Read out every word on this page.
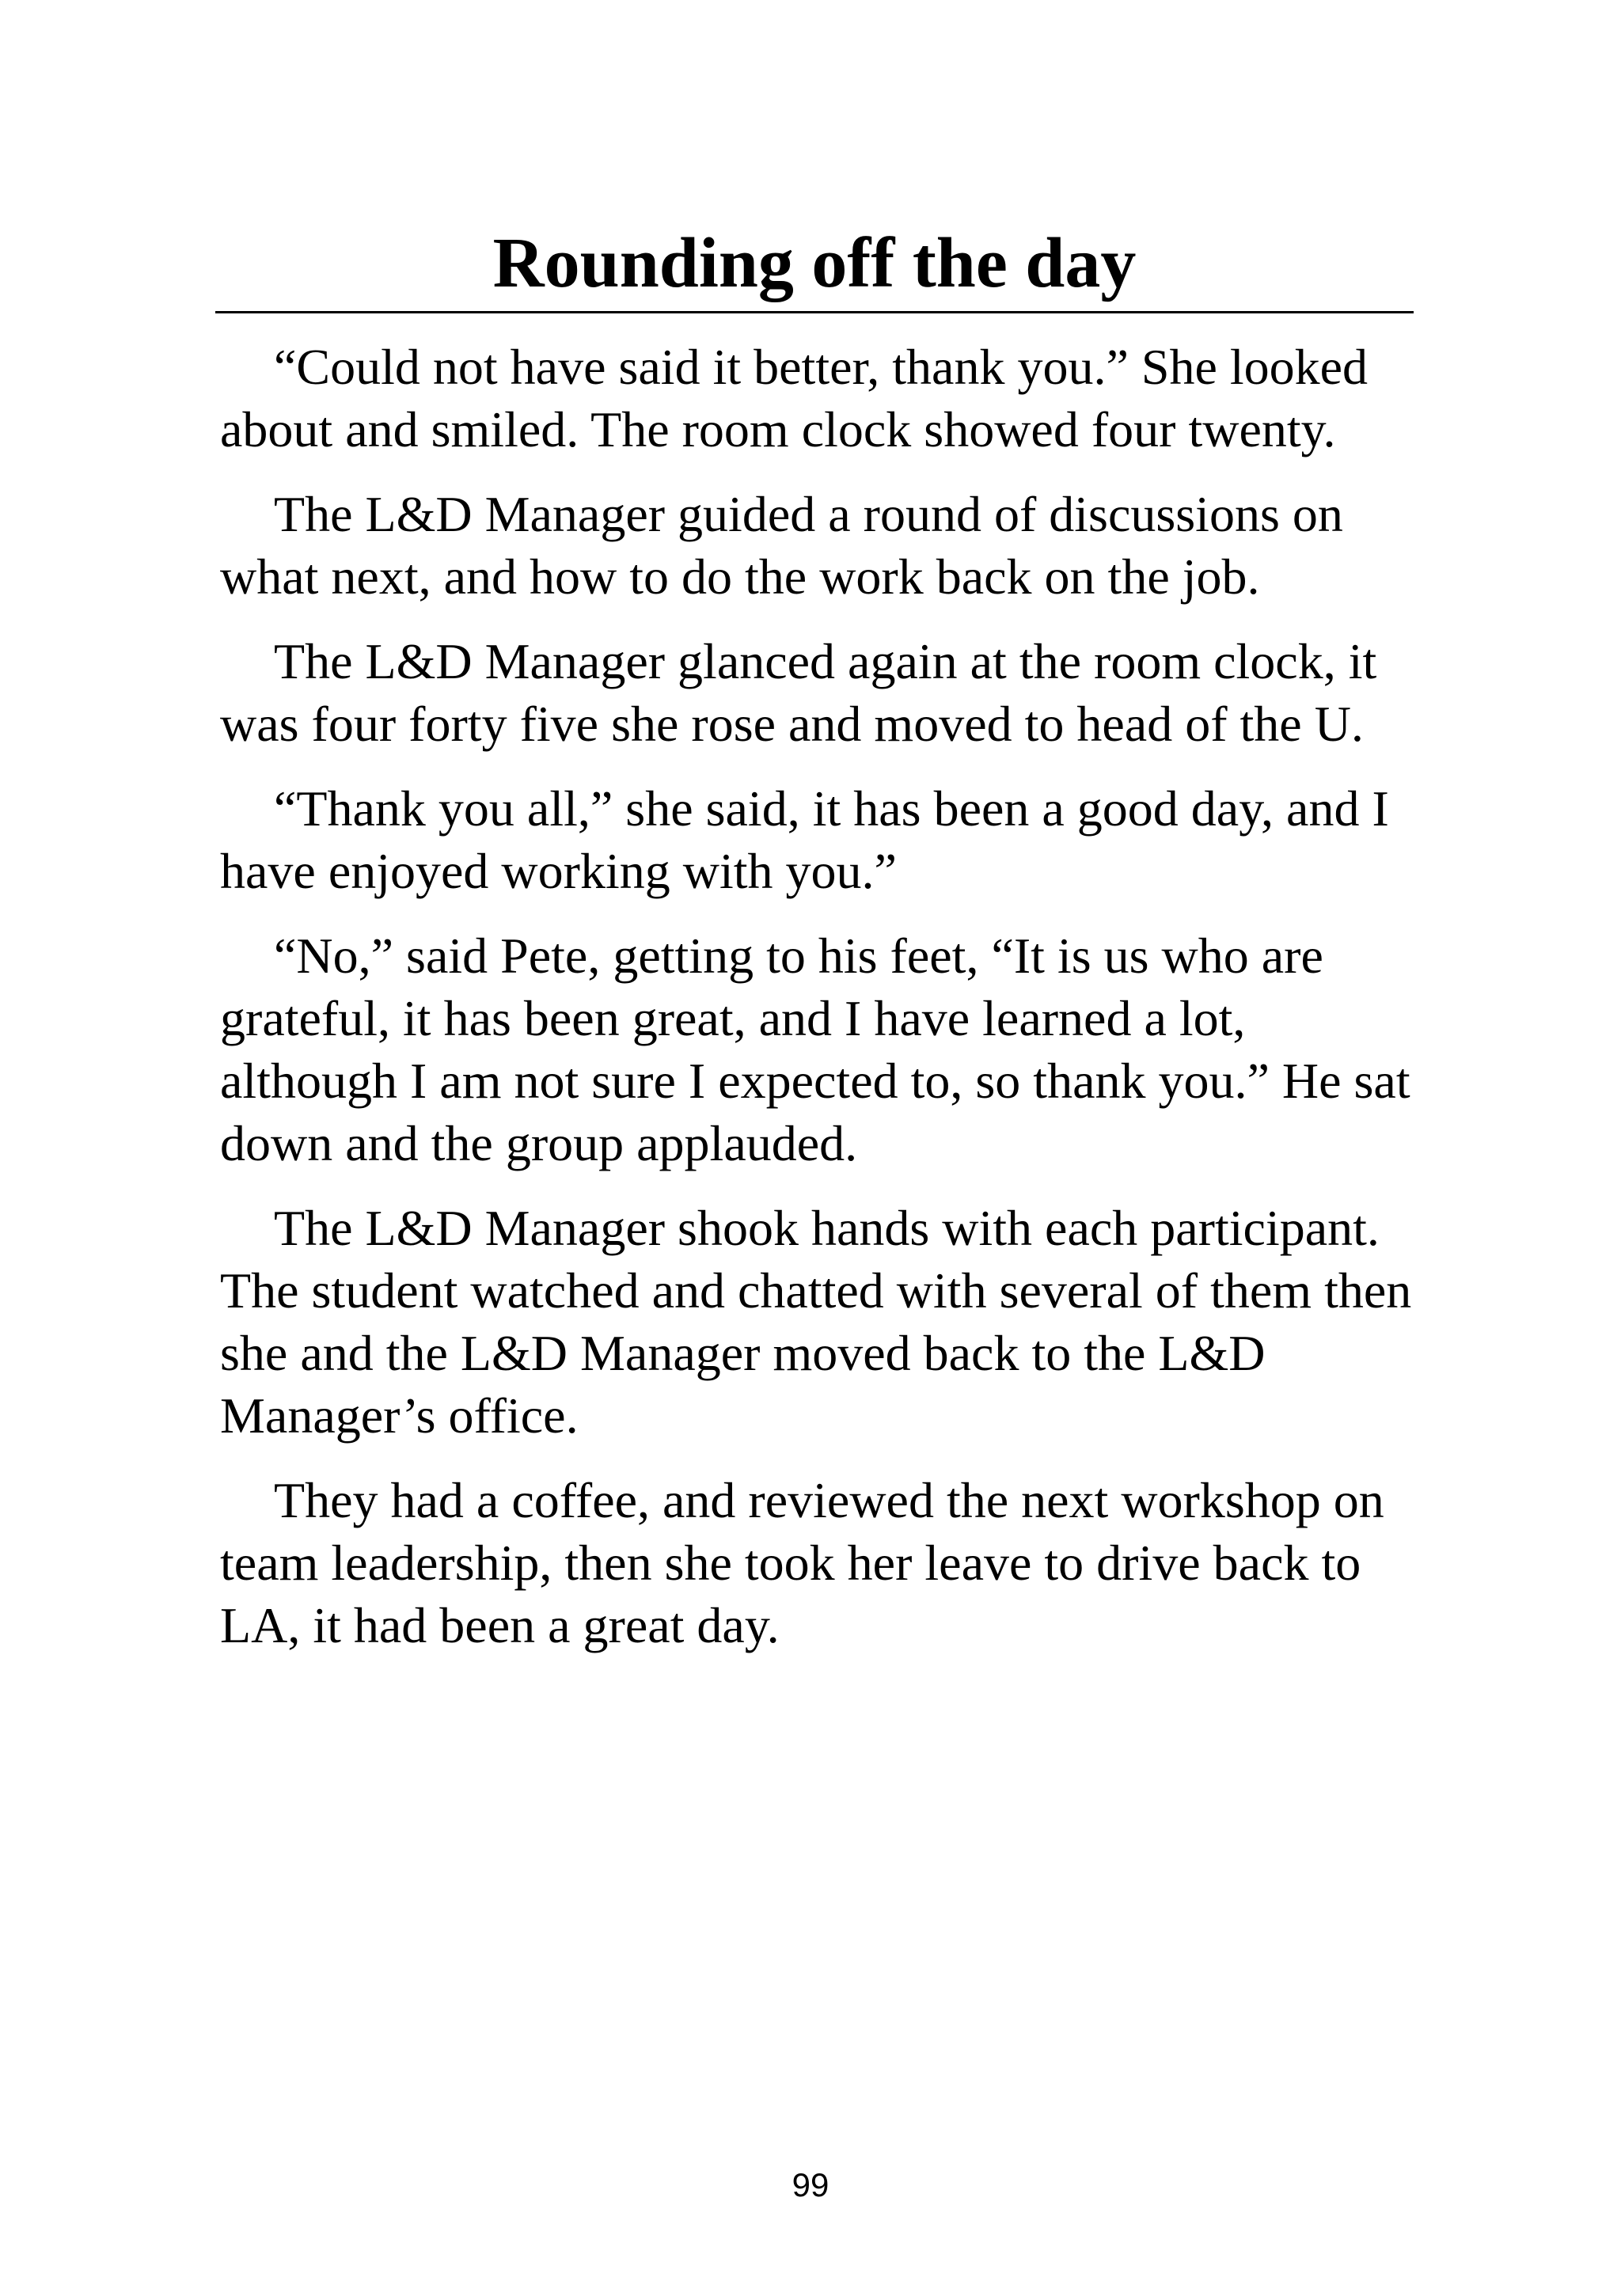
Rounding off the day

“Could not have said it better, thank you.” She looked about and smiled. The room clock showed four twenty.

The L&D Manager guided a round of discussions on what next, and how to do the work back on the job.

The L&D Manager glanced again at the room clock, it was four forty five she rose and moved to head of the U.

“Thank you all,” she said, it has been a good day, and I have enjoyed working with you.”

“No,” said Pete, getting to his feet, “It is us who are grateful, it has been great, and I have learned a lot, although I am not sure I expected to, so thank you.” He sat down and the group applauded.

The L&D Manager shook hands with each participant. The student watched and chatted with several of them then she and the L&D Manager moved back to the L&D Manager’s office.

They had a coffee, and reviewed the next workshop on team leadership, then she took her leave to drive back to LA, it had been a great day.

99
